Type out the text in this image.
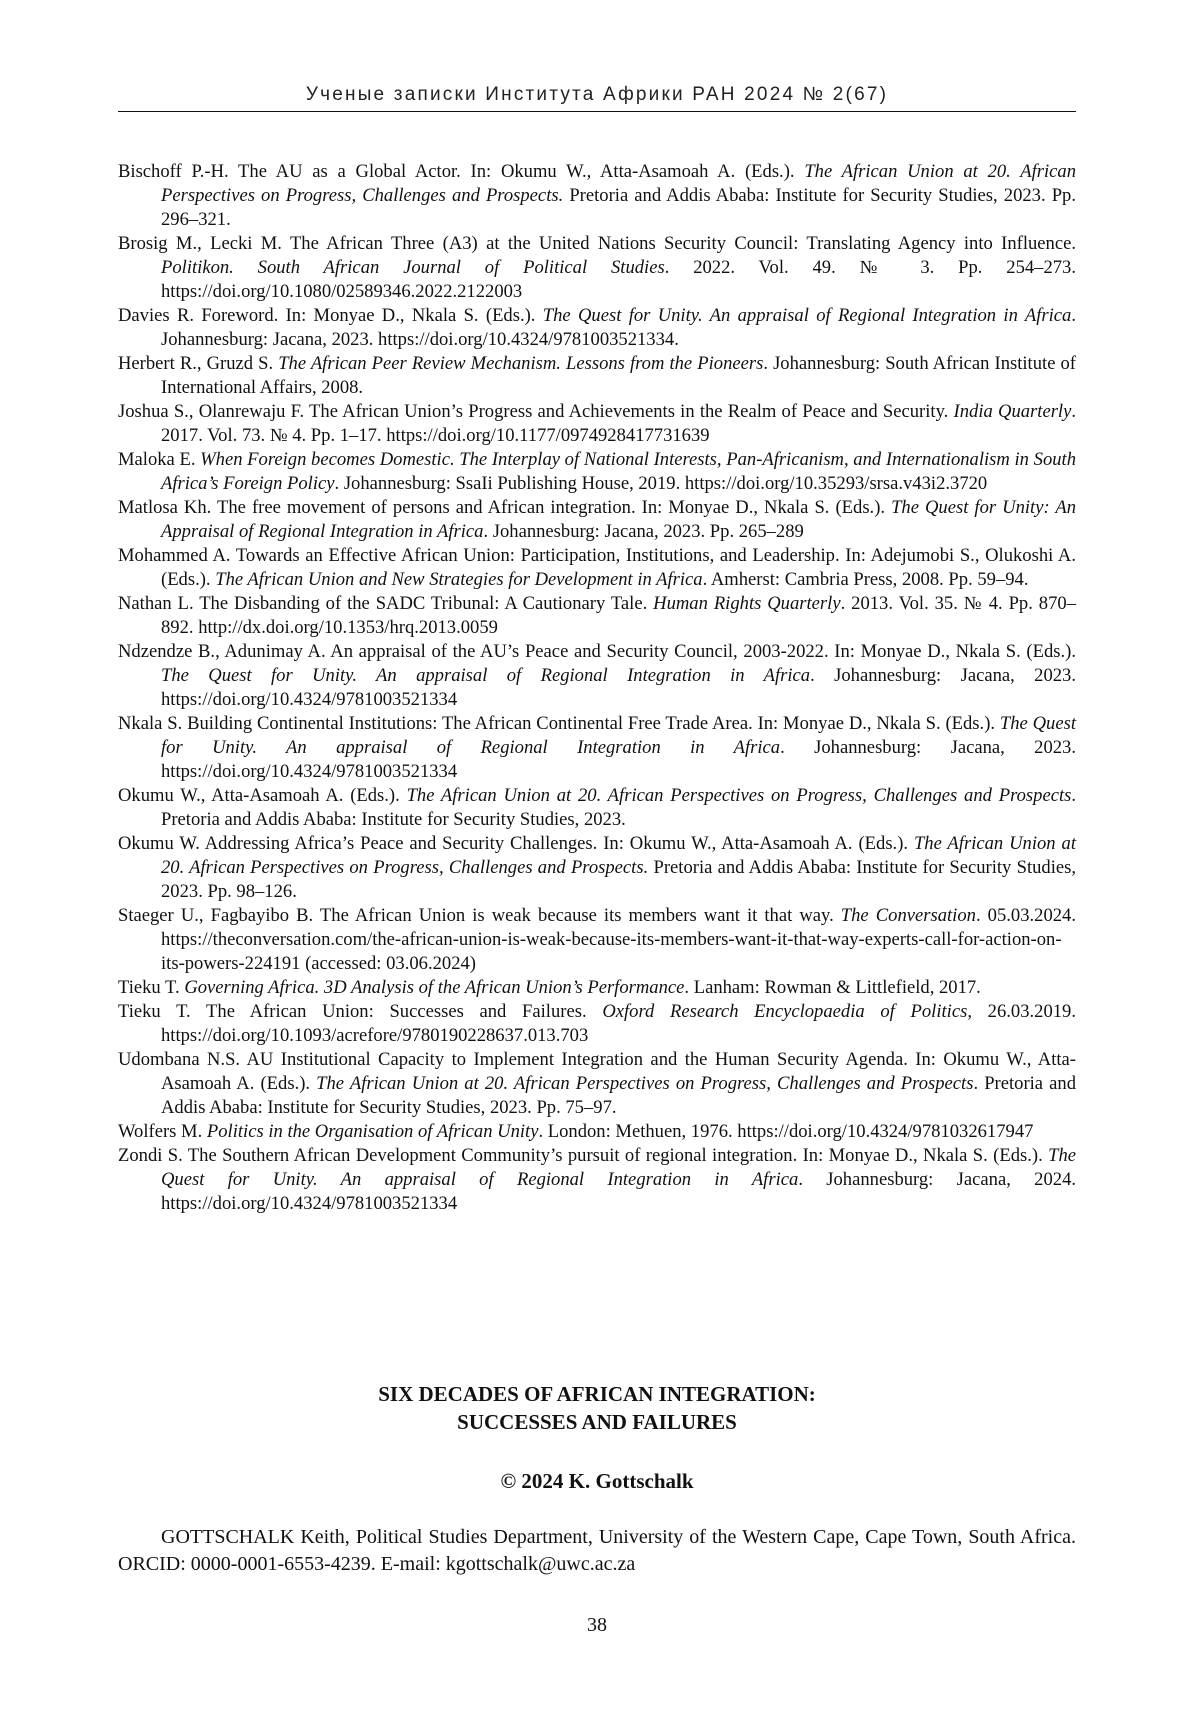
Ученые записки Института Африки РАН 2024 № 2(67)

Bischoff P.-H. The AU as a Global Actor. In: Okumu W., Atta-Asamoah A. (Eds.). The African Union at 20. African Perspectives on Progress, Challenges and Prospects. Pretoria and Addis Ababa: Institute for Security Studies, 2023. Pp. 296–321.

Brosig M., Lecki M. The African Three (A3) at the United Nations Security Council: Translating Agency into Influence. Politikon. South African Journal of Political Studies. 2022. Vol. 49. № 3. Pp. 254–273. https://doi.org/10.1080/02589346.2022.2122003

Davies R. Foreword. In: Monyae D., Nkala S. (Eds.). The Quest for Unity. An appraisal of Regional Integration in Africa. Johannesburg: Jacana, 2023. https://doi.org/10.4324/9781003521334.

Herbert R., Gruzd S. The African Peer Review Mechanism. Lessons from the Pioneers. Johannesburg: South African Institute of International Affairs, 2008.

Joshua S., Olanrewaju F. The African Union’s Progress and Achievements in the Realm of Peace and Security. India Quarterly. 2017. Vol. 73. № 4. Pp. 1–17. https://doi.org/10.1177/0974928417731639

Maloka E. When Foreign becomes Domestic. The Interplay of National Interests, Pan-Africanism, and Internationalism in South Africa’s Foreign Policy. Johannesburg: SsaIi Publishing House, 2019. https://doi.org/10.35293/srsa.v43i2.3720

Matlosa Kh. The free movement of persons and African integration. In: Monyae D., Nkala S. (Eds.). The Quest for Unity: An Appraisal of Regional Integration in Africa. Johannesburg: Jacana, 2023. Pp. 265–289

Mohammed A. Towards an Effective African Union: Participation, Institutions, and Leadership. In: Adejumobi S., Olukoshi A. (Eds.). The African Union and New Strategies for Development in Africa. Amherst: Cambria Press, 2008. Pp. 59–94.

Nathan L. The Disbanding of the SADC Tribunal: A Cautionary Tale. Human Rights Quarterly. 2013. Vol. 35. № 4. Pp. 870–892. http://dx.doi.org/10.1353/hrq.2013.0059

Ndzendze B., Adunimay A. An appraisal of the AU’s Peace and Security Council, 2003-2022. In: Monyae D., Nkala S. (Eds.). The Quest for Unity. An appraisal of Regional Integration in Africa. Johannesburg: Jacana, 2023. https://doi.org/10.4324/9781003521334

Nkala S. Building Continental Institutions: The African Continental Free Trade Area. In: Monyae D., Nkala S. (Eds.). The Quest for Unity. An appraisal of Regional Integration in Africa. Johannesburg: Jacana, 2023. https://doi.org/10.4324/9781003521334

Okumu W., Atta-Asamoah A. (Eds.). The African Union at 20. African Perspectives on Progress, Challenges and Prospects. Pretoria and Addis Ababa: Institute for Security Studies, 2023.

Okumu W. Addressing Africa’s Peace and Security Challenges. In: Okumu W., Atta-Asamoah A. (Eds.). The African Union at 20. African Perspectives on Progress, Challenges and Prospects. Pretoria and Addis Ababa: Institute for Security Studies, 2023. Pp. 98–126.

Staeger U., Fagbayibo B. The African Union is weak because its members want it that way. The Conversation. 05.03.2024. https://theconversation.com/the-african-union-is-weak-because-its-members-want-it-that-way-experts-call-for-action-on-its-powers-224191 (accessed: 03.06.2024)

Tieku T. Governing Africa. 3D Analysis of the African Union’s Performance. Lanham: Rowman & Littlefield, 2017.

Tieku T. The African Union: Successes and Failures. Oxford Research Encyclopaedia of Politics, 26.03.2019. https://doi.org/10.1093/acrefore/9780190228637.013.703

Udombana N.S. AU Institutional Capacity to Implement Integration and the Human Security Agenda. In: Okumu W., Atta-Asamoah A. (Eds.). The African Union at 20. African Perspectives on Progress, Challenges and Prospects. Pretoria and Addis Ababa: Institute for Security Studies, 2023. Pp. 75–97.

Wolfers M. Politics in the Organisation of African Unity. London: Methuen, 1976. https://doi.org/10.4324/9781032617947

Zondi S. The Southern African Development Community’s pursuit of regional integration. In: Monyae D., Nkala S. (Eds.). The Quest for Unity. An appraisal of Regional Integration in Africa. Johannesburg: Jacana, 2024. https://doi.org/10.4324/9781003521334

SIX DECADES OF AFRICAN INTEGRATION:
SUCCESSES AND FAILURES
© 2024 K. Gottschalk
GOTTSCHALK Keith, Political Studies Department, University of the Western Cape, Cape Town, South Africa. ORCID: 0000-0001-6553-4239. E-mail: kgottschalk@uwc.ac.za
38
